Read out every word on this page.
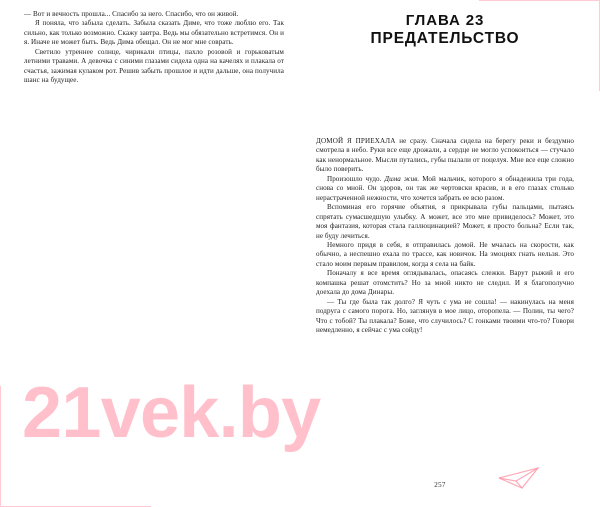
— Вот и вечность прошла... Спасибо за него. Спасибо, что он живой.

Я поняла, что забыла сделать. Забыла сказать Диме, что тоже люблю его. Так сильно, как только возможно. Скажу завтра. Ведь мы обязательно встретимся. Он и я. Иначе не может быть. Ведь Дима обещал. Он не мог мне соврать.

Светило утреннее солнце, чирикали птицы, пахло розовой и горьковатым летними травами. А девочка с синими глазами сидела одна на качелях и плакала от счастья, зажимая кулаком рот. Решив забыть прошлое и идти дальше, она получила шанс на будущее.

ГЛАВА 23
ПРЕДАТЕЛЬСТВО

ДОМОЙ Я ПРИЕХАЛА не сразу. Сначала сидела на берегу реки и бездумно смотрела в небо. Руки все еще дрожали, а сердце не могло успокоиться — стучало как ненормальное. Мысли путались, губы пылали от поцелуя. Мне все еще сложно было поверить.

Произошло чудо. Дима жив. Мой мальчик, которого я обнадежила три года, снова со мной. Он здоров, он так же чертовски красив, и в его глазах столько нерастраченной нежности, что хочется забрать ее всю разом.

Вспоминая его горячие объятия, я прикрывала губы пальцами, пытаясь спрятать сумасшедшую улыбку. А может, все это мне привиделось? Может, это моя фантазия, которая стала галлюцинацией? Может, я просто больна? Если так, не буду лечиться.

Немного придя в себя, я отправилась домой. Не мчалась на скорости, как обычно, а неспешно ехала по трассе, как новичок. На эмоциях гнать нельзя. Это стало моим первым правилом, когда я села на байк.

Поначалу я все время оглядывалась, опасаясь слежки. Варут рыжий и его компашка решат отомстить? Но за мной никто не следил. И я благополучно доехала до дома Динары.

— Ты где была так долго? Я чуть с ума не сошла! — накинулась на меня подруга с самого порога. Но, заглянув в мое лицо, оторопела. — Полин, ты чего? Что с тобой? Ты плакала? Боже, что случилось? С гонками твоими что-то? Говори немедленно, я сейчас с ума сойду!

257
21vek.by
